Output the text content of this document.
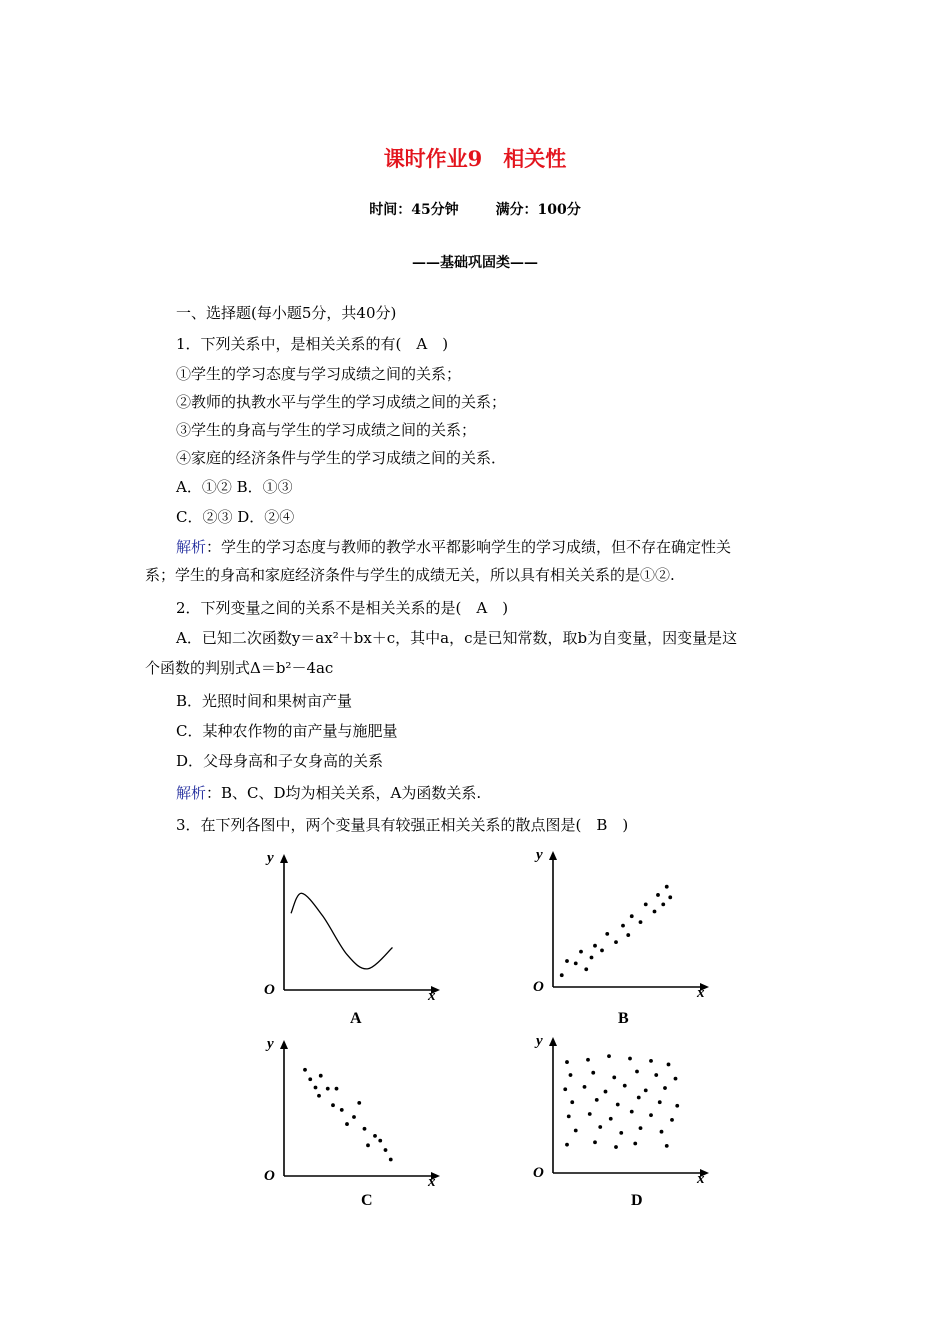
课时作业9　相关性
时间：45分钟	满分：100分
——基础巩固类——
一、选择题(每小题5分，共40分)
1．下列关系中，是相关关系的有(　A　)
①学生的学习态度与学习成绩之间的关系；
②教师的执教水平与学生的学习成绩之间的关系；
③学生的身高与学生的学习成绩之间的关系；
④家庭的经济条件与学生的学习成绩之间的关系．
A．①② B．①③
C．②③ D．②④
解析：学生的学习态度与教师的教学水平都影响学生的学习成绩，但不存在确定性关
系；学生的身高和家庭经济条件与学生的成绩无关，所以具有相关关系的是①②.
2．下列变量之间的关系不是相关关系的是(　A　)
A．已知二次函数y＝ax²＋bx＋c，其中a，c是已知常数，取b为自变量，因变量是这
个函数的判别式Δ＝b²－4ac
B．光照时间和果树亩产量
C．某种农作物的亩产量与施肥量
D．父母身高和子女身高的关系
解析：B、C、D均为相关关系，A为函数关系.
3．在下列各图中，两个变量具有较强正相关关系的散点图是(　B　)
y
x
O
A
y
x
O
B
y
x
O
C
y
x
O
D
